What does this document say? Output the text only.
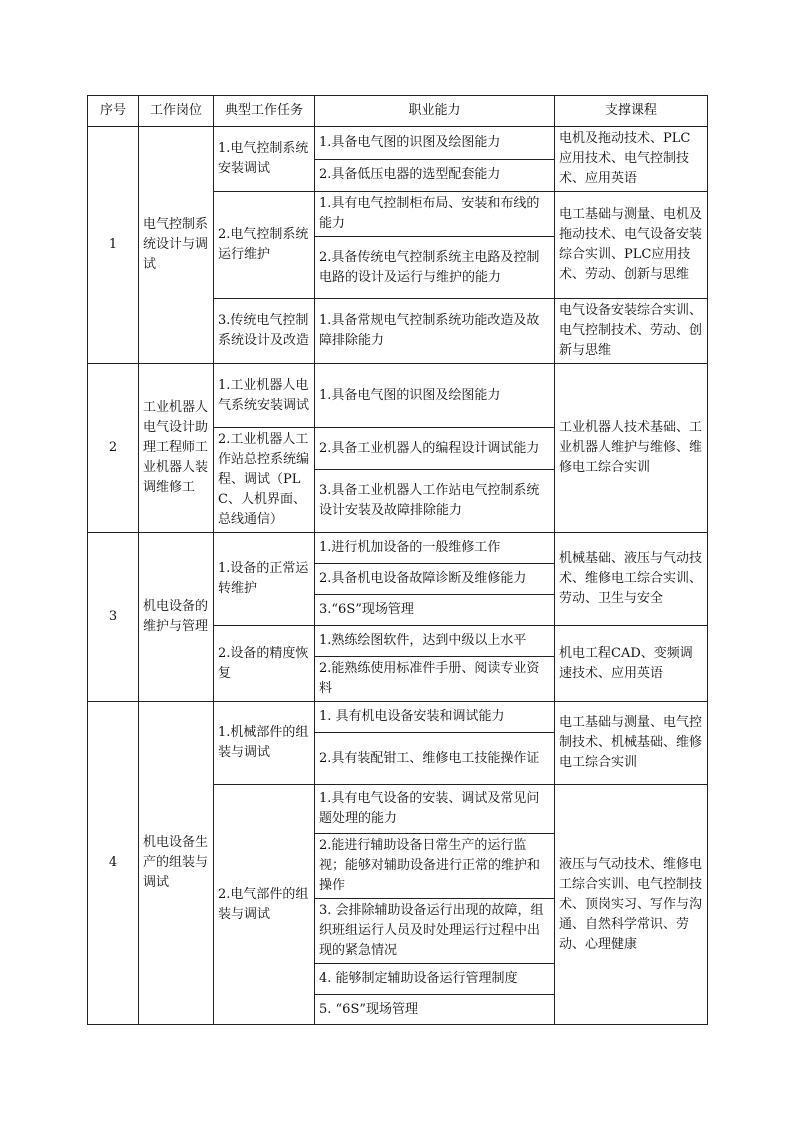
序号	工作岗位	典型工作任务	职业能力	支撑课程
1	电气控制系统设计与调试	1.电气控制系统安装调试	1.具备电气图的识图及绘图能力	电机及拖动技术、PLC应用技术、电气控制技术、应用英语
			2.具备低压电器的选型配套能力	
		2.电气控制系统运行维护	1.具有电气控制柜布局、安装和布线的能力	电工基础与测量、电机及拖动技术、电气设备安装综合实训、PLC应用技术、劳动、创新与思维

			2.具备传统电气控制系统主电路及控制电路的设计及运行与维护的能力	

		3.传统电气控制系统设计及改造	1.具备常规电气控制系统功能改造及故障排除能力	电气设备安装综合实训、电气控制技术、劳动、创新与思维
2	工业机器人电气设计助理工程师工业机器人装调维修工	1.工业机器人电气系统安装调试	1.具备电气图的识图及绘图能力	工业机器人技术基础、工业机器人维护与维修、维修电工综合实训
		2.工业机器人工作站总控系统编程、调试（PLC、人机界面、总线通信）	2.具备工业机器人的编程设计调试能力	
			3.具备工业机器人工作站电气控制系统设计安装及故障排除能力	
3	机电设备的维护与管理	1.设备的正常运转维护	1.进行机加设备的一般维修工作	机械基础、液压与气动技术、维修电工综合实训、劳动、卫生与安全
			2.具备机电设备故障诊断及维修能力	
			3.“6S”现场管理	
		2.设备的精度恢复	1.熟练绘图软件，达到中级以上水平	机电工程CAD、变频调速技术、应用英语
			2.能熟练使用标准件手册、阅读专业资料	
4	机电设备生产的组装与调试	1.机械部件的组装与调试	1. 具有机电设备安装和调试能力	电工基础与测量、电气控制技术、机械基础、维修电工综合实训
			2.具有装配钳工、维修电工技能操作证	
		2.电气部件的组装与调试	1.具有电气设备的安装、调试及常见问题处理的能力	液压与气动技术、维修电工综合实训、电气控制技术、顶岗实习、写作与沟通、自然科学常识、劳动、心理健康
			2.能进行辅助设备日常生产的运行监视；能够对辅助设备进行正常的维护和操作	
			3. 会排除辅助设备运行出现的故障，组织班组运行人员及时处理运行过程中出现的紧急情况	
			4. 能够制定辅助设备运行管理制度	
			5. “6S”现场管理	
